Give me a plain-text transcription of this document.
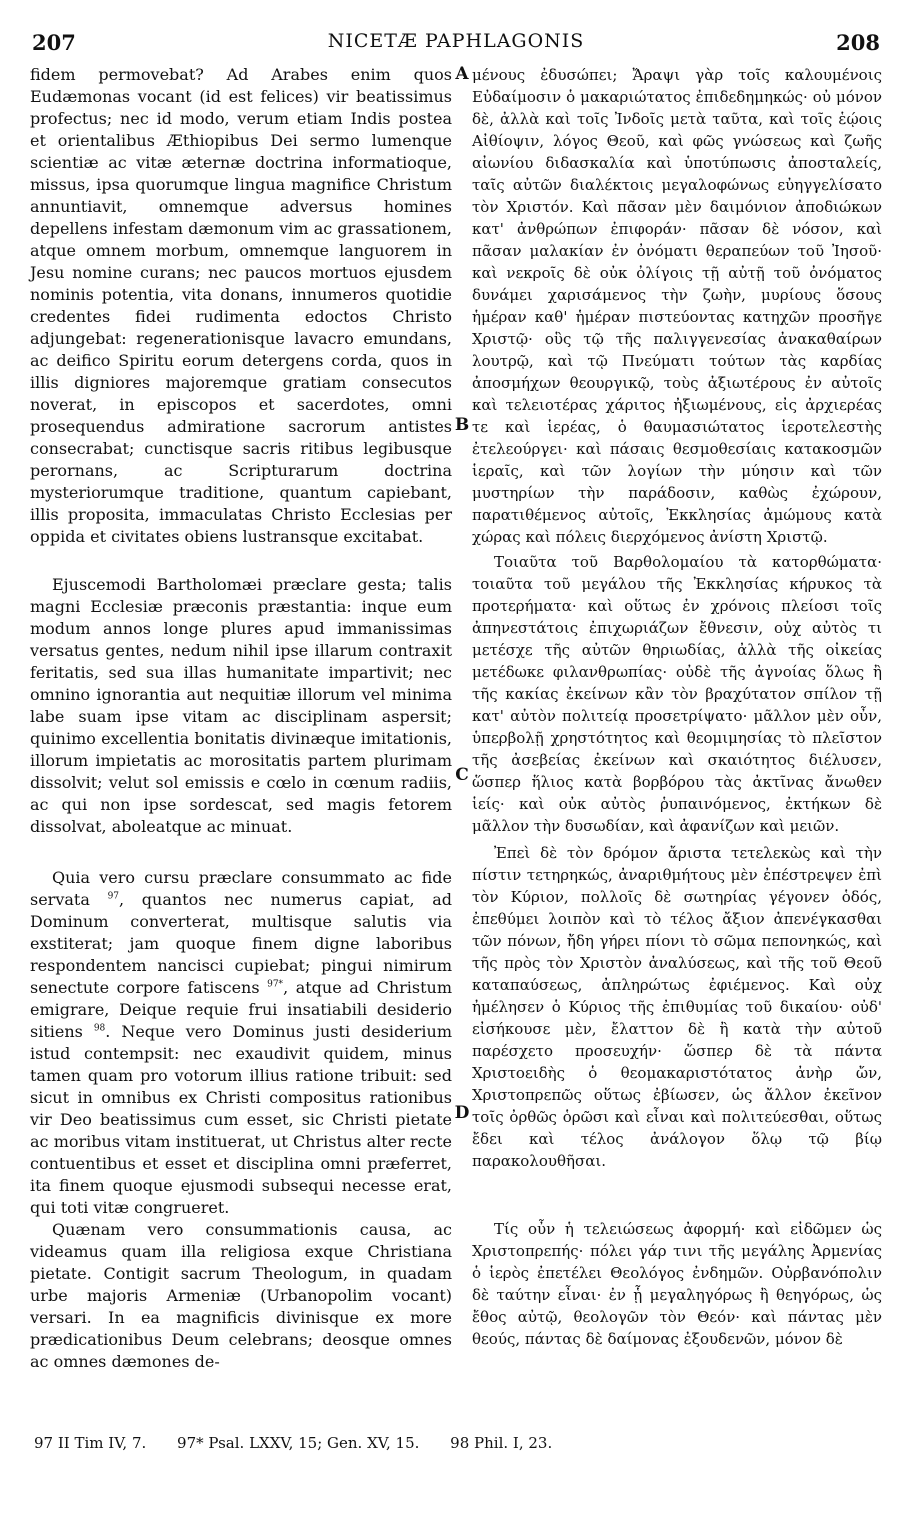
207	NICETÆ PAPHLAGONIS	208

fidem permovebat? Ad Arabes enim quos Eudæmonas vocant (id est felices) vir beatissimus profectus; nec id modo, verum etiam Indis postea et orientalibus Æthiopibus Dei sermo lumenque scientiæ ac vitæ æternæ doctrina informatioque, missus, ipsa quorumque lingua magnifice Christum annuntiavit, omnemque adversus homines depellens infestam dæmonum vim ac grassationem, atque omnem morbum, omnemque languorem in Jesu nomine curans; nec paucos mortuos ejusdem nominis potentia, vita donans, innumeros quotidie credentes fidei rudimenta edoctos Christo adjungebat: regenerationisque lavacro emundans, ac deifico Spiritu eorum detergens corda, quos in illis digniores majoremque gratiam consecutos noverat, in episcopos et sacerdotes, omni prosequendus admiratione sacrorum antistes consecrabat; cunctisque sacris ritibus legibusque perornans, ac Scripturarum doctrina mysteriorumque traditione, quantum capiebant, illis proposita, immaculatas Christo Ecclesias per oppida et civitates obiens lustransque excitabat.

Ejuscemodi Bartholomæi præclare gesta; talis magni Ecclesiæ præconis præstantia: inque eum modum annos longe plures apud immanissimas versatus gentes, nedum nihil ipse illarum contraxit feritatis, sed sua illas humanitate impartivit; nec omnino ignorantia aut nequitiæ illorum vel minima labe suam ipse vitam ac disciplinam aspersit; quinimo excellentia bonitatis divinæque imitationis, illorum impietatis ac morositatis partem plurimam dissolvit; velut sol emissis e cœlo in cœnum radiis, ac qui non ipse sordescat, sed magis fetorem dissolvat, aboleatque ac minuat.

Quia vero cursu præclare consummato ac fide servata $^{97}$, quantos nec numerus capiat, ad Dominum converterat, multisque salutis via exstiterat; jam quoque finem digne laboribus respondentem nancisci cupiebat; pingui nimirum senectute corpore fatiscens $^{97*}$, atque ad Christum emigrare, Deique requie frui insatiabili desiderio sitiens $^{98}$. Neque vero Dominus justi desiderium istud contempsit: nec exaudivit quidem, minus tamen quam pro votorum illius ratione tribuit: sed sicut in omnibus ex Christi compositus rationibus vir Deo beatissimus cum esset, sic Christi pietate ac moribus vitam instituerat, ut Christus alter recte contuentibus et esset et disciplina omni præferret, ita finem quoque ejusmodi subsequi necesse erat, qui toti vitæ congrueret.

Quænam vero consummationis causa, ac videamus quam illa religiosa exque Christiana pietate. Contigit sacrum Theologum, in quadam urbe majoris Armeniæ (Urbanopolim vocant) versari. In ea magnificis divinisque ex more prædicationibus Deum celebrans; deosque omnes ac omnes dæmones de-

A
B
C
D

μένους ἐδυσώπει; Ἄραψι γὰρ τοῖς καλουμένοις Εὐδαίμοσιν ὁ μακαριώτατος ἐπιδεδημηκώς· οὐ μόνον δὲ, ἀλλὰ καὶ τοῖς Ἰνδοῖς μετὰ ταῦτα, καὶ τοῖς ἑῴοις Αἰθίοψιν, λόγος Θεοῦ, καὶ φῶς γνώσεως καὶ ζωῆς αἰωνίου διδασκαλία καὶ ὑποτύπωσις ἀποσταλείς, ταῖς αὐτῶν διαλέκτοις μεγαλοφώνως εὐηγγελίσατο τὸν Χριστόν. Καὶ πᾶσαν μὲν δαιμόνιον ἀποδιώκων κατ' ἀνθρώπων ἐπιφοράν· πᾶσαν δὲ νόσον, καὶ πᾶσαν μαλακίαν ἐν ὀνόματι θεραπεύων τοῦ Ἰησοῦ· καὶ νεκροῖς δὲ οὐκ ὀλίγοις τῇ αὐτῇ τοῦ ὀνόματος δυνάμει χαρισάμενος τὴν ζωὴν, μυρίους ὅσους ἡμέραν καθ' ἡμέραν πιστεύοντας κατηχῶν προσῆγε Χριστῷ· οὓς τῷ τῆς παλιγγενεσίας ἀνακαθαίρων λουτρῷ, καὶ τῷ Πνεύματι τούτων τὰς καρδίας ἀποσμήχων θεουργικῷ, τοὺς ἀξιωτέρους ἐν αὐτοῖς καὶ τελειοτέρας χάριτος ἠξιωμένους, εἰς ἀρχιερέας τε καὶ ἱερέας, ὁ θαυμασιώτατος ἱεροτελεστὴς ἐτελεούργει· καὶ πάσαις θεσμοθεσίαις κατακοσμῶν ἱεραῖς, καὶ τῶν λογίων τὴν μύησιν καὶ τῶν μυστηρίων τὴν παράδοσιν, καθὼς ἐχώρουν, παρατιθέμενος αὐτοῖς, Ἐκκλησίας ἀμώμους κατὰ χώρας καὶ πόλεις διερχόμενος ἀνίστη Χριστῷ.

Τοιαῦτα τοῦ Βαρθολομαίου τὰ κατορθώματα· τοιαῦτα τοῦ μεγάλου τῆς Ἐκκλησίας κήρυκος τὰ προτερήματα· καὶ οὕτως ἐν χρόνοις πλείοσι τοῖς ἀπηνεστάτοις ἐπιχωριάζων ἔθνεσιν, οὐχ αὐτὸς τι μετέσχε τῆς αὐτῶν θηριωδίας, ἀλλὰ τῆς οἰκείας μετέδωκε φιλανθρωπίας· οὐδὲ τῆς ἀγνοίας ὅλως ἢ τῆς κακίας ἐκείνων κἂν τὸν βραχύτατον σπίλον τῇ κατ' αὐτὸν πολιτείᾳ προσετρίψατο· μᾶλλον μὲν οὖν, ὑπερβολῇ χρηστότητος καὶ θεομιμησίας τὸ πλεῖστον τῆς ἀσεβείας ἐκείνων καὶ σκαιότητος διέλυσεν, ὥσπερ ἥλιος κατὰ βορβόρου τὰς ἀκτῖνας ἄνωθεν ἱείς· καὶ οὐκ αὐτὸς ῥυπαινόμενος, ἐκτήκων δὲ μᾶλλον τὴν δυσωδίαν, καὶ ἀφανίζων καὶ μειῶν.

Ἐπεὶ δὲ τὸν δρόμον ἄριστα τετελεκὼς καὶ τὴν πίστιν τετηρηκώς, ἀναριθμήτους μὲν ἐπέστρεψεν ἐπὶ τὸν Κύριον, πολλοῖς δὲ σωτηρίας γέγονεν ὁδός, ἐπεθύμει λοιπὸν καὶ τὸ τέλος ἄξιον ἀπενέγκασθαι τῶν πόνων, ἤδη γήρει πίονι τὸ σῶμα πεπονηκώς, καὶ τῆς πρὸς τὸν Χριστὸν ἀναλύσεως, καὶ τῆς τοῦ Θεοῦ καταπαύσεως, ἀπληρώτως ἐφιέμενος. Καὶ οὐχ ἠμέλησεν ὁ Κύριος τῆς ἐπιθυμίας τοῦ δικαίου· οὐδ' εἰσήκουσε μὲν, ἔλαττον δὲ ἢ κατὰ τὴν αὐτοῦ παρέσχετο προσευχήν· ὥσπερ δὲ τὰ πάντα Χριστοειδὴς ὁ θεομακαριστότατος ἀνὴρ ὤν, Χριστοπρεπῶς οὕτως ἐβίωσεν, ὡς ἄλλον ἐκεῖνον τοῖς ὀρθῶς ὁρῶσι καὶ εἶναι καὶ πολιτεύεσθαι, οὕτως ἔδει καὶ τέλος ἀνάλογον ὅλῳ τῷ βίῳ παρακολουθῆσαι.

Τίς οὖν ἡ τελειώσεως ἀφορμή· καὶ εἰδῶμεν ὡς Χριστοπρεπής· πόλει γάρ τινι τῆς μεγάλης Ἀρμενίας ὁ ἱερὸς ἐπετέλει Θεολόγος ἐνδημῶν. Οὐρβανόπολιν δὲ ταύτην εἶναι· ἐν ᾗ μεγαληγόρως ἢ θεηγόρως, ὡς ἔθος αὐτῷ, θεολογῶν τὸν Θεόν· καὶ πάντας μὲν θεούς, πάντας δὲ δαίμονας ἐξουδενῶν, μόνον δὲ

97 II Tim IV, 7. 97* Psal. LXXV, 15; Gen. XV, 15. 98 Phil. I, 23.
